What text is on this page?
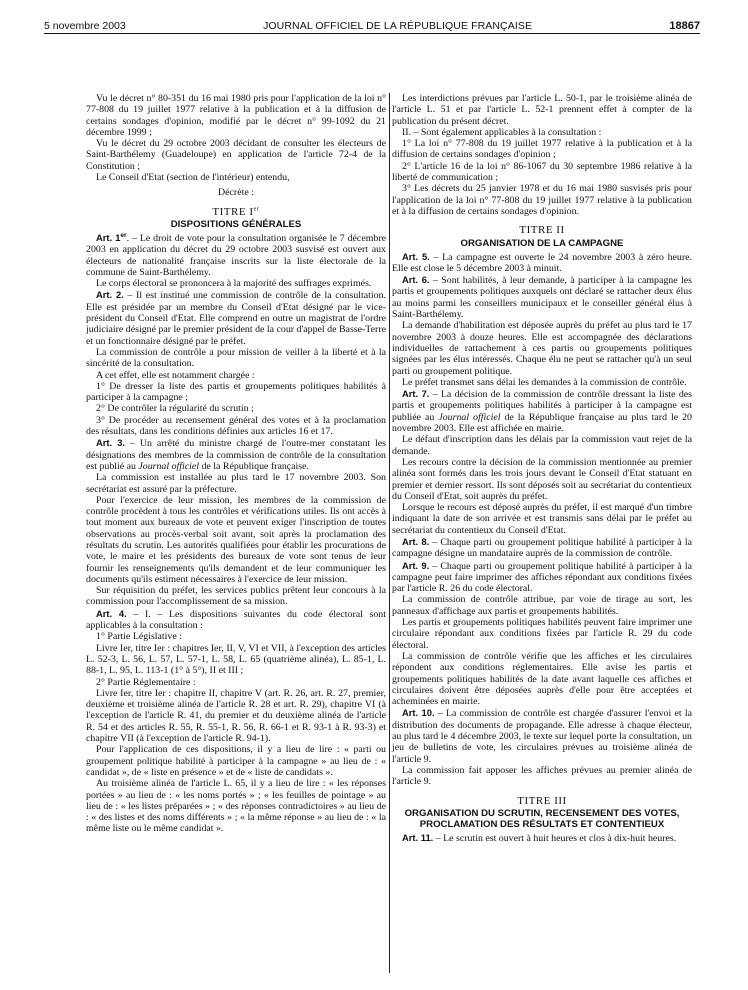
5 novembre 2003	JOURNAL OFFICIEL DE LA RÉPUBLIQUE FRANÇAISE	18867

Vu le décret n° 80-351 du 16 mai 1980 pris pour l'application de la loi n° 77-808 du 19 juillet 1977 relative à la publication et à la diffusion de certains sondages d'opinion, modifié par le décret n° 99-1092 du 21 décembre 1999 ;

Vu le décret du 29 octobre 2003 décidant de consulter les électeurs de Saint-Barthélemy (Guadeloupe) en application de l'article 72-4 de la Constitution ;

Le Conseil d'Etat (section de l'intérieur) entendu,

Décrète :

TITRE Ier
DISPOSITIONS GÉNÉRALES

Art. 1er. – Le droit de vote pour la consultation organisée le 7 décembre 2003 en application du décret du 29 octobre 2003 susvisé est ouvert aux électeurs de nationalité française inscrits sur la liste électorale de la commune de Saint-Barthélemy.

Le corps électoral se prononcera à la majorité des suffrages exprimés.

Art. 2. – Il est institué une commission de contrôle de la consultation. Elle est présidée par un membre du Conseil d'Etat désigné par le vice-président du Conseil d'Etat. Elle comprend en outre un magistrat de l'ordre judiciaire désigné par le premier président de la cour d'appel de Basse-Terre et un fonctionnaire désigné par le préfet.

La commission de contrôle a pour mission de veiller à la liberté et à la sincérité de la consultation.

A cet effet, elle est notamment chargée :

1° De dresser la liste des partis et groupements politiques habilités à participer à la campagne ;

2° De contrôler la régularité du scrutin ;

3° De procéder au recensement général des votes et à la proclamation des résultats, dans les conditions définies aux articles 16 et 17.

Art. 3. – Un arrêté du ministre chargé de l'outre-mer constatant les désignations des membres de la commission de contrôle de la consultation est publié au Journal officiel de la République française.

La commission est installée au plus tard le 17 novembre 2003. Son secrétariat est assuré par la préfecture.

Pour l'exercice de leur mission, les membres de la commission de contrôle procèdent à tous les contrôles et vérifications utiles. Ils ont accès à tout moment aux bureaux de vote et peuvent exiger l'inscription de toutes observations au procès-verbal soit avant, soit après la proclamation des résultats du scrutin. Les autorités qualifiées pour établir les procurations de vote, le maire et les présidents des bureaux de vote sont tenus de leur fournir les renseignements qu'ils demandent et de leur communiquer les documents qu'ils estiment nécessaires à l'exercice de leur mission.

Sur réquisition du préfet, les services publics prêtent leur concours à la commission pour l'accomplissement de sa mission.

Art. 4. – I. – Les dispositions suivantes du code électoral sont applicables à la consultation :

1° Partie Législative :

Livre Ier, titre Ier : chapitres Ier, II, V, VI et VII, à l'exception des articles L. 52-3, L. 56, L. 57, L. 57-1, L. 58, L. 65 (quatrième alinéa), L. 85-1, L. 88-1, L. 95, L. 113-1 (1° à 5°), II et III ;

2° Partie Réglementaire :

Livre Ier, titre Ier : chapitre II, chapitre V (art. R. 26, art. R. 27, premier, deuxième et troisième alinéa de l'article R. 28 et art. R. 29), chapitre VI (à l'exception de l'article R. 41, du premier et du deuxième alinéa de l'article R. 54 et des articles R. 55, R. 55-1, R. 56, R. 66-1 et R. 93-1 à R. 93-3) et chapitre VII (à l'exception de l'article R. 94-1).

Pour l'application de ces dispositions, il y a lieu de lire : « parti ou groupement politique habilité à participer à la campagne » au lieu de : « candidat », de « liste en présence » et de « liste de candidats ».

Au troisième alinéa de l'article L. 65, il y a lieu de lire : « les réponses portées » au lieu de : « les noms portés » ; « les feuilles de pointage » au lieu de : « les listes préparées » ; « des réponses contradictoires » au lieu de : « des listes et des noms différents » ; « la même réponse » au lieu de : « la même liste ou le même candidat ».

Les interdictions prévues par l'article L. 50-1, par le troisième alinéa de l'article L. 51 et par l'article L. 52-1 prennent effet à compter de la publication du présent décret.

II. – Sont également applicables à la consultation :

1° La loi n° 77-808 du 19 juillet 1977 relative à la publication et à la diffusion de certains sondages d'opinion ;

2° L'article 16 de la loi n° 86-1067 du 30 septembre 1986 relative à la liberté de communication ;

3° Les décrets du 25 janvier 1978 et du 16 mai 1980 susvisés pris pour l'application de la loi n° 77-808 du 19 juillet 1977 relative à la publication et à la diffusion de certains sondages d'opinion.

TITRE II
ORGANISATION DE LA CAMPAGNE

Art. 5. – La campagne est ouverte le 24 novembre 2003 à zéro heure. Elle est close le 5 décembre 2003 à minuit.

Art. 6. – Sont habilités, à leur demande, à participer à la campagne les partis et groupements politiques auxquels ont déclaré se rattacher deux élus au moins parmi les conseillers municipaux et le conseiller général élus à Saint-Barthélemy.

La demande d'habilitation est déposée auprès du préfet au plus tard le 17 novembre 2003 à douze heures. Elle est accompagnée des déclarations individuelles de rattachement à ces partis ou groupements politiques signées par les élus intéressés. Chaque élu ne peut se rattacher qu'à un seul parti ou groupement politique.

Le préfet transmet sans délai les demandes à la commission de contrôle.

Art. 7. – La décision de la commission de contrôle dressant la liste des partis et groupements politiques habilités à participer à la campagne est publiée au Journal officiel de la République française au plus tard le 20 novembre 2003. Elle est affichée en mairie.

Le défaut d'inscription dans les délais par la commission vaut rejet de la demande.

Les recours contre la décision de la commission mentionnée au premier alinéa sont formés dans les trois jours devant le Conseil d'Etat statuant en premier et dernier ressort. Ils sont déposés soit au secrétariat du contentieux du Conseil d'Etat, soit auprès du préfet.

Lorsque le recours est déposé auprès du préfet, il est marqué d'un timbre indiquant la date de son arrivée et est transmis sans délai par le préfet au secrétariat du contentieux du Conseil d'Etat.

Art. 8. – Chaque parti ou groupement politique habilité à participer à la campagne désigne un mandataire auprès de la commission de contrôle.

Art. 9. – Chaque parti ou groupement politique habilité à participer à la campagne peut faire imprimer des affiches répondant aux conditions fixées par l'article R. 26 du code électoral.

La commission de contrôle attribue, par voie de tirage au sort, les panneaux d'affichage aux partis et groupements habilités.

Les partis et groupements politiques habilités peuvent faire imprimer une circulaire répondant aux conditions fixées par l'article R. 29 du code électoral.

La commission de contrôle vérifie que les affiches et les circulaires répondent aux conditions réglementaires. Elle avise les partis et groupements politiques habilités de la date avant laquelle ces affiches et circulaires doivent être déposées auprès d'elle pour être acceptées et acheminées en mairie.

Art. 10. – La commission de contrôle est chargée d'assurer l'envoi et la distribution des documents de propagande. Elle adresse à chaque électeur, au plus tard le 4 décembre 2003, le texte sur lequel porte la consultation, un jeu de bulletins de vote, les circulaires prévues au troisième alinéa de l'article 9.

La commission fait apposer les affiches prévues au premier alinéa de l'article 9.

TITRE III
ORGANISATION DU SCRUTIN, RECENSEMENT DES VOTES, PROCLAMATION DES RÉSULTATS ET CONTENTIEUX

Art. 11. – Le scrutin est ouvert à huit heures et clos à dix-huit heures.
